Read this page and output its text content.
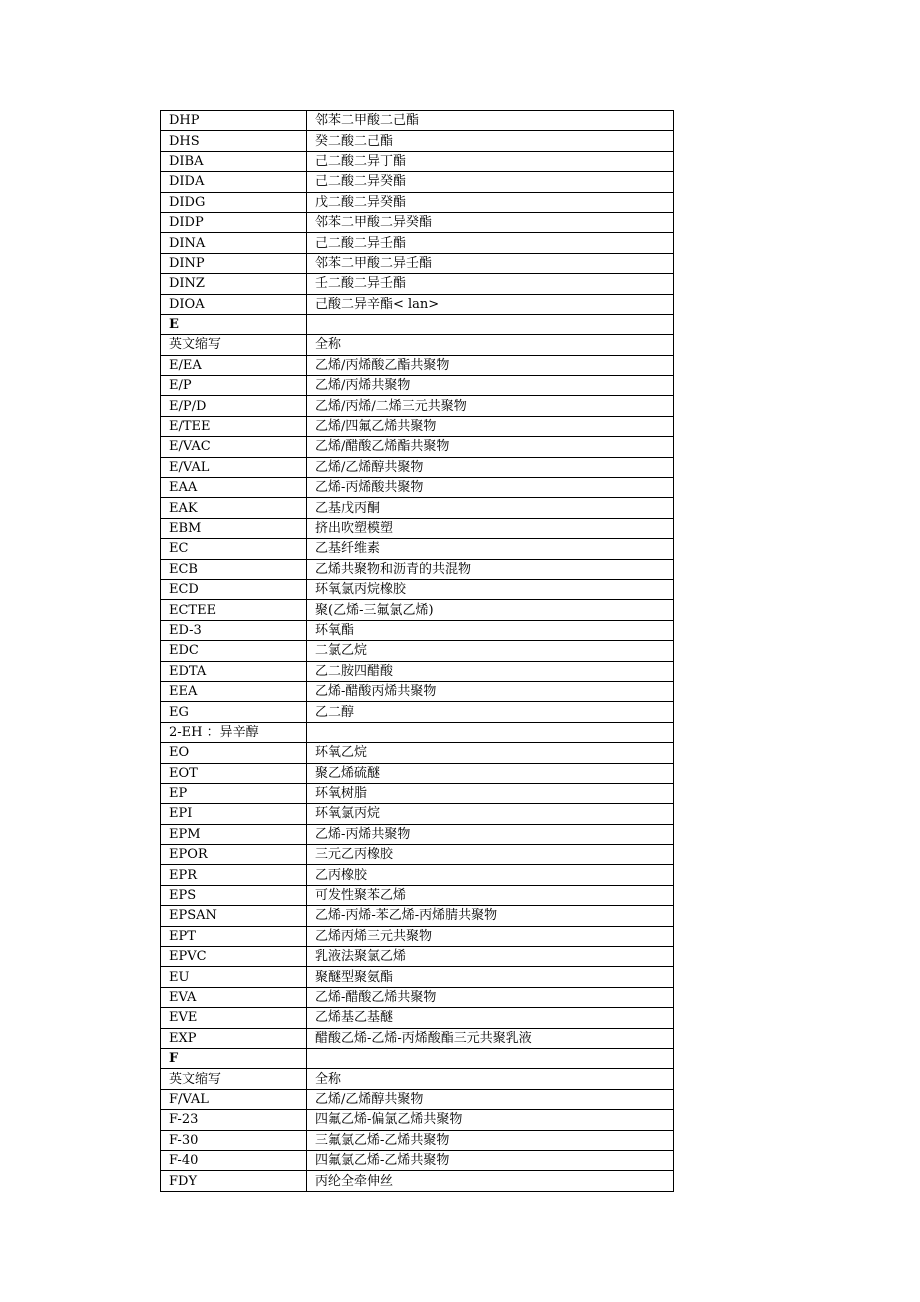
DHP	邻苯二甲酸二己酯
DHS	癸二酸二己酯
DIBA	己二酸二异丁酯
DIDA	己二酸二异癸酯
DIDG	戊二酸二异癸酯
DIDP	邻苯二甲酸二异癸酯
DINA	己二酸二异壬酯
DINP	邻苯二甲酸二异壬酯
DINZ	壬二酸二异壬酯
DIOA	己酸二异辛酯< lan>
E	
英文缩写	全称
E/EA	乙烯/丙烯酸乙酯共聚物
E/P	乙烯/丙烯共聚物
E/P/D	乙烯/丙烯/二烯三元共聚物
E/TEE	乙烯/四氟乙烯共聚物
E/VAC	乙烯/醋酸乙烯酯共聚物
E/VAL	乙烯/乙烯醇共聚物
EAA	乙烯-丙烯酸共聚物
EAK	乙基戊丙酮
EBM	挤出吹塑模塑
EC	乙基纤维素
ECB	乙烯共聚物和沥青的共混物
ECD	环氧氯丙烷橡胶
ECTEE	聚(乙烯-三氟氯乙烯)
ED-3	环氧酯
EDC	二氯乙烷
EDTA	乙二胺四醋酸
EEA	乙烯-醋酸丙烯共聚物
EG	乙二醇
2-EH ：异辛醇	
EO	环氧乙烷
EOT	聚乙烯硫醚
EP	环氧树脂
EPI	环氧氯丙烷
EPM	乙烯-丙烯共聚物
EPOR	三元乙丙橡胶
EPR	乙丙橡胶
EPS	可发性聚苯乙烯
EPSAN	乙烯-丙烯-苯乙烯-丙烯腈共聚物
EPT	乙烯丙烯三元共聚物
EPVC	乳液法聚氯乙烯
EU	聚醚型聚氨酯
EVA	乙烯-醋酸乙烯共聚物
EVE	乙烯基乙基醚
EXP	醋酸乙烯-乙烯-丙烯酸酯三元共聚乳液
F	
英文缩写	全称
F/VAL	乙烯/乙烯醇共聚物
F-23	四氟乙烯-偏氯乙烯共聚物
F-30	三氟氯乙烯-乙烯共聚物
F-40	四氟氯乙烯-乙烯共聚物
FDY	丙纶全牵伸丝
